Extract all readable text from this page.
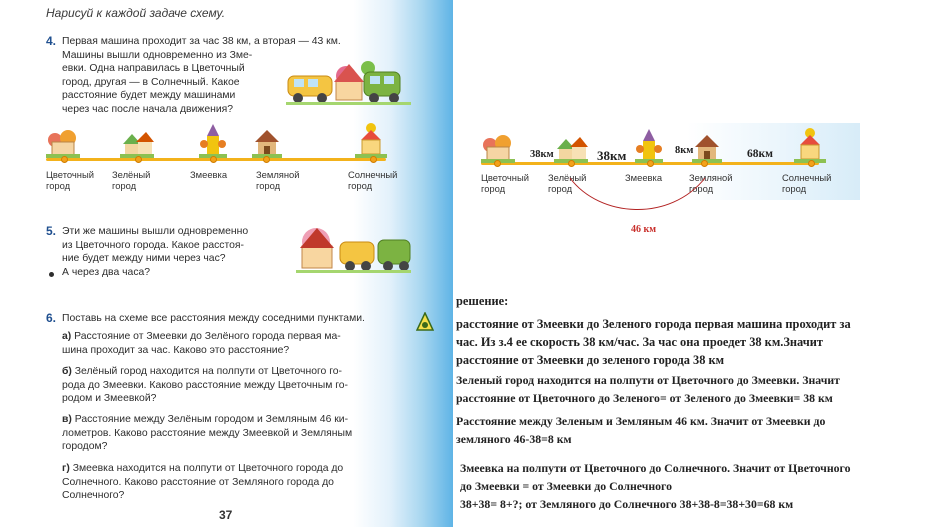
Нарисуй к каждой задаче схему.
4. Первая машина проходит за час 38 км, а вторая — 43 км.
Машины вышли одновременно из Зме-
евки. Одна направилась в Цветочный
город, другая — в Солнечный. Какое
расстояние будет между машинами
через час после начала движения?
Цветочный
город
Зелёный
город
Змеевка	Земляной
город
Солнечный
город
5. Эти же машины вышли одновременно
из Цветочного города. Какое расстоя-
ние будет между ними через час?
А через два часа?
6. Поставь на схеме все расстояния между соседними пунктами.
а) Расстояние от Змеевки до Зелёного города первая ма-
шина проходит за час. Каково это расстояние?
б) Зелёный город находится на полпути от Цветочного го-
рода до Змеевки. Каково расстояние между Цветочным го-
родом и Змеевкой?
в) Расстояние между Зелёным городом и Земляным 46 ки-
лометров. Каково расстояние между Змеевкой и Земляным
городом?
г) Змеевка находится на полпути от Цветочного города до
Солнечного. Каково расстояние от Земляного города до
Солнечного?
37
Цветочный
город
Зелёный
город
Змеевка	Земляной
город
Солнечный
город
38км	38км	8км	68км
46 км
решение:
расстояние от Змеевки до Зеленого города первая машина проходит за
час. Из з.4 ее скорость 38 км/час. За час она проедет 38 км.Значит
расстояние от Змеевки до зеленого города 38 км
Зеленый город находится на полпути от Цветочного до Змеевки. Значит
расстояние от Цветочного до Зеленого= от Зеленого до Змеевки= 38 км
Расстояние между Зеленым и Земляным 46 км. Значит от Змеевки до
земляного 46-38=8 км
Змеевка на полпути от Цветочного до Солнечного. Значит от Цветочного
до Змеевки = от Змеевки до Солнечного
38+38= 8+?; от Земляного до Солнечного 38+38-8=38+30=68 км
